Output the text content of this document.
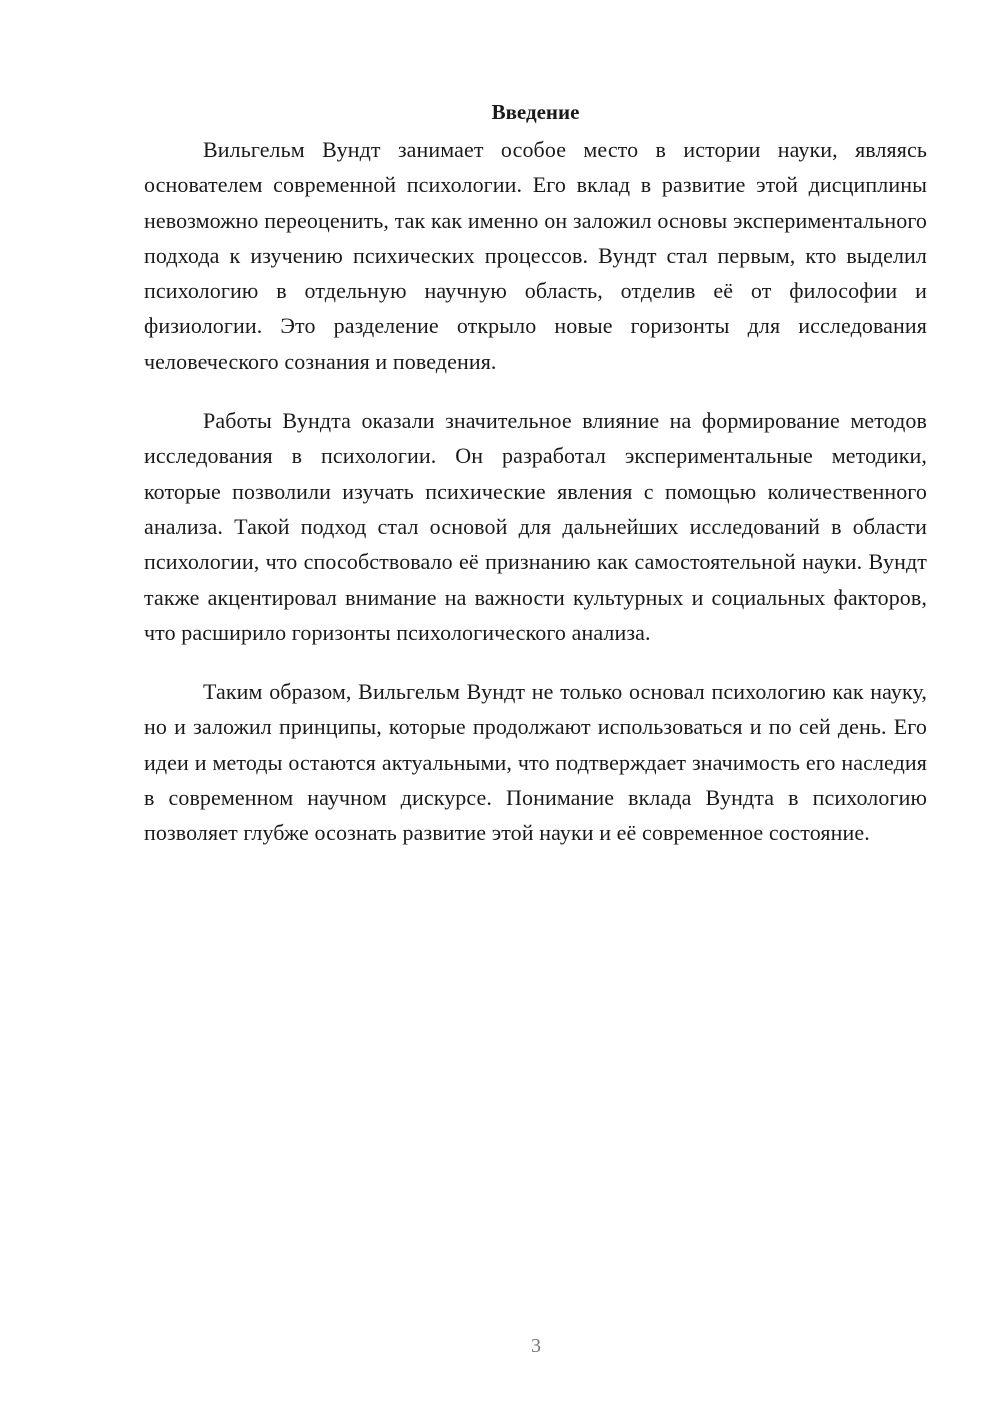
Введение

Вильгельм Вундт занимает особое место в истории науки, являясь основателем современной психологии. Его вклад в развитие этой дисциплины невозможно переоценить, так как именно он заложил основы экспериментального подхода к изучению психических процессов. Вундт стал первым, кто выделил психологию в отдельную научную область, отделив её от философии и физиологии. Это разделение открыло новые горизонты для исследования человеческого сознания и поведения.

Работы Вундта оказали значительное влияние на формирование методов исследования в психологии. Он разработал экспериментальные методики, которые позволили изучать психические явления с помощью количественного анализа. Такой подход стал основой для дальнейших исследований в области психологии, что способствовало её признанию как самостоятельной науки. Вундт также акцентировал внимание на важности культурных и социальных факторов, что расширило горизонты психологического анализа.

Таким образом, Вильгельм Вундт не только основал психологию как науку, но и заложил принципы, которые продолжают использоваться и по сей день. Его идеи и методы остаются актуальными, что подтверждает значимость его наследия в современном научном дискурсе. Понимание вклада Вундта в психологию позволяет глубже осознать развитие этой науки и её современное состояние.

3
